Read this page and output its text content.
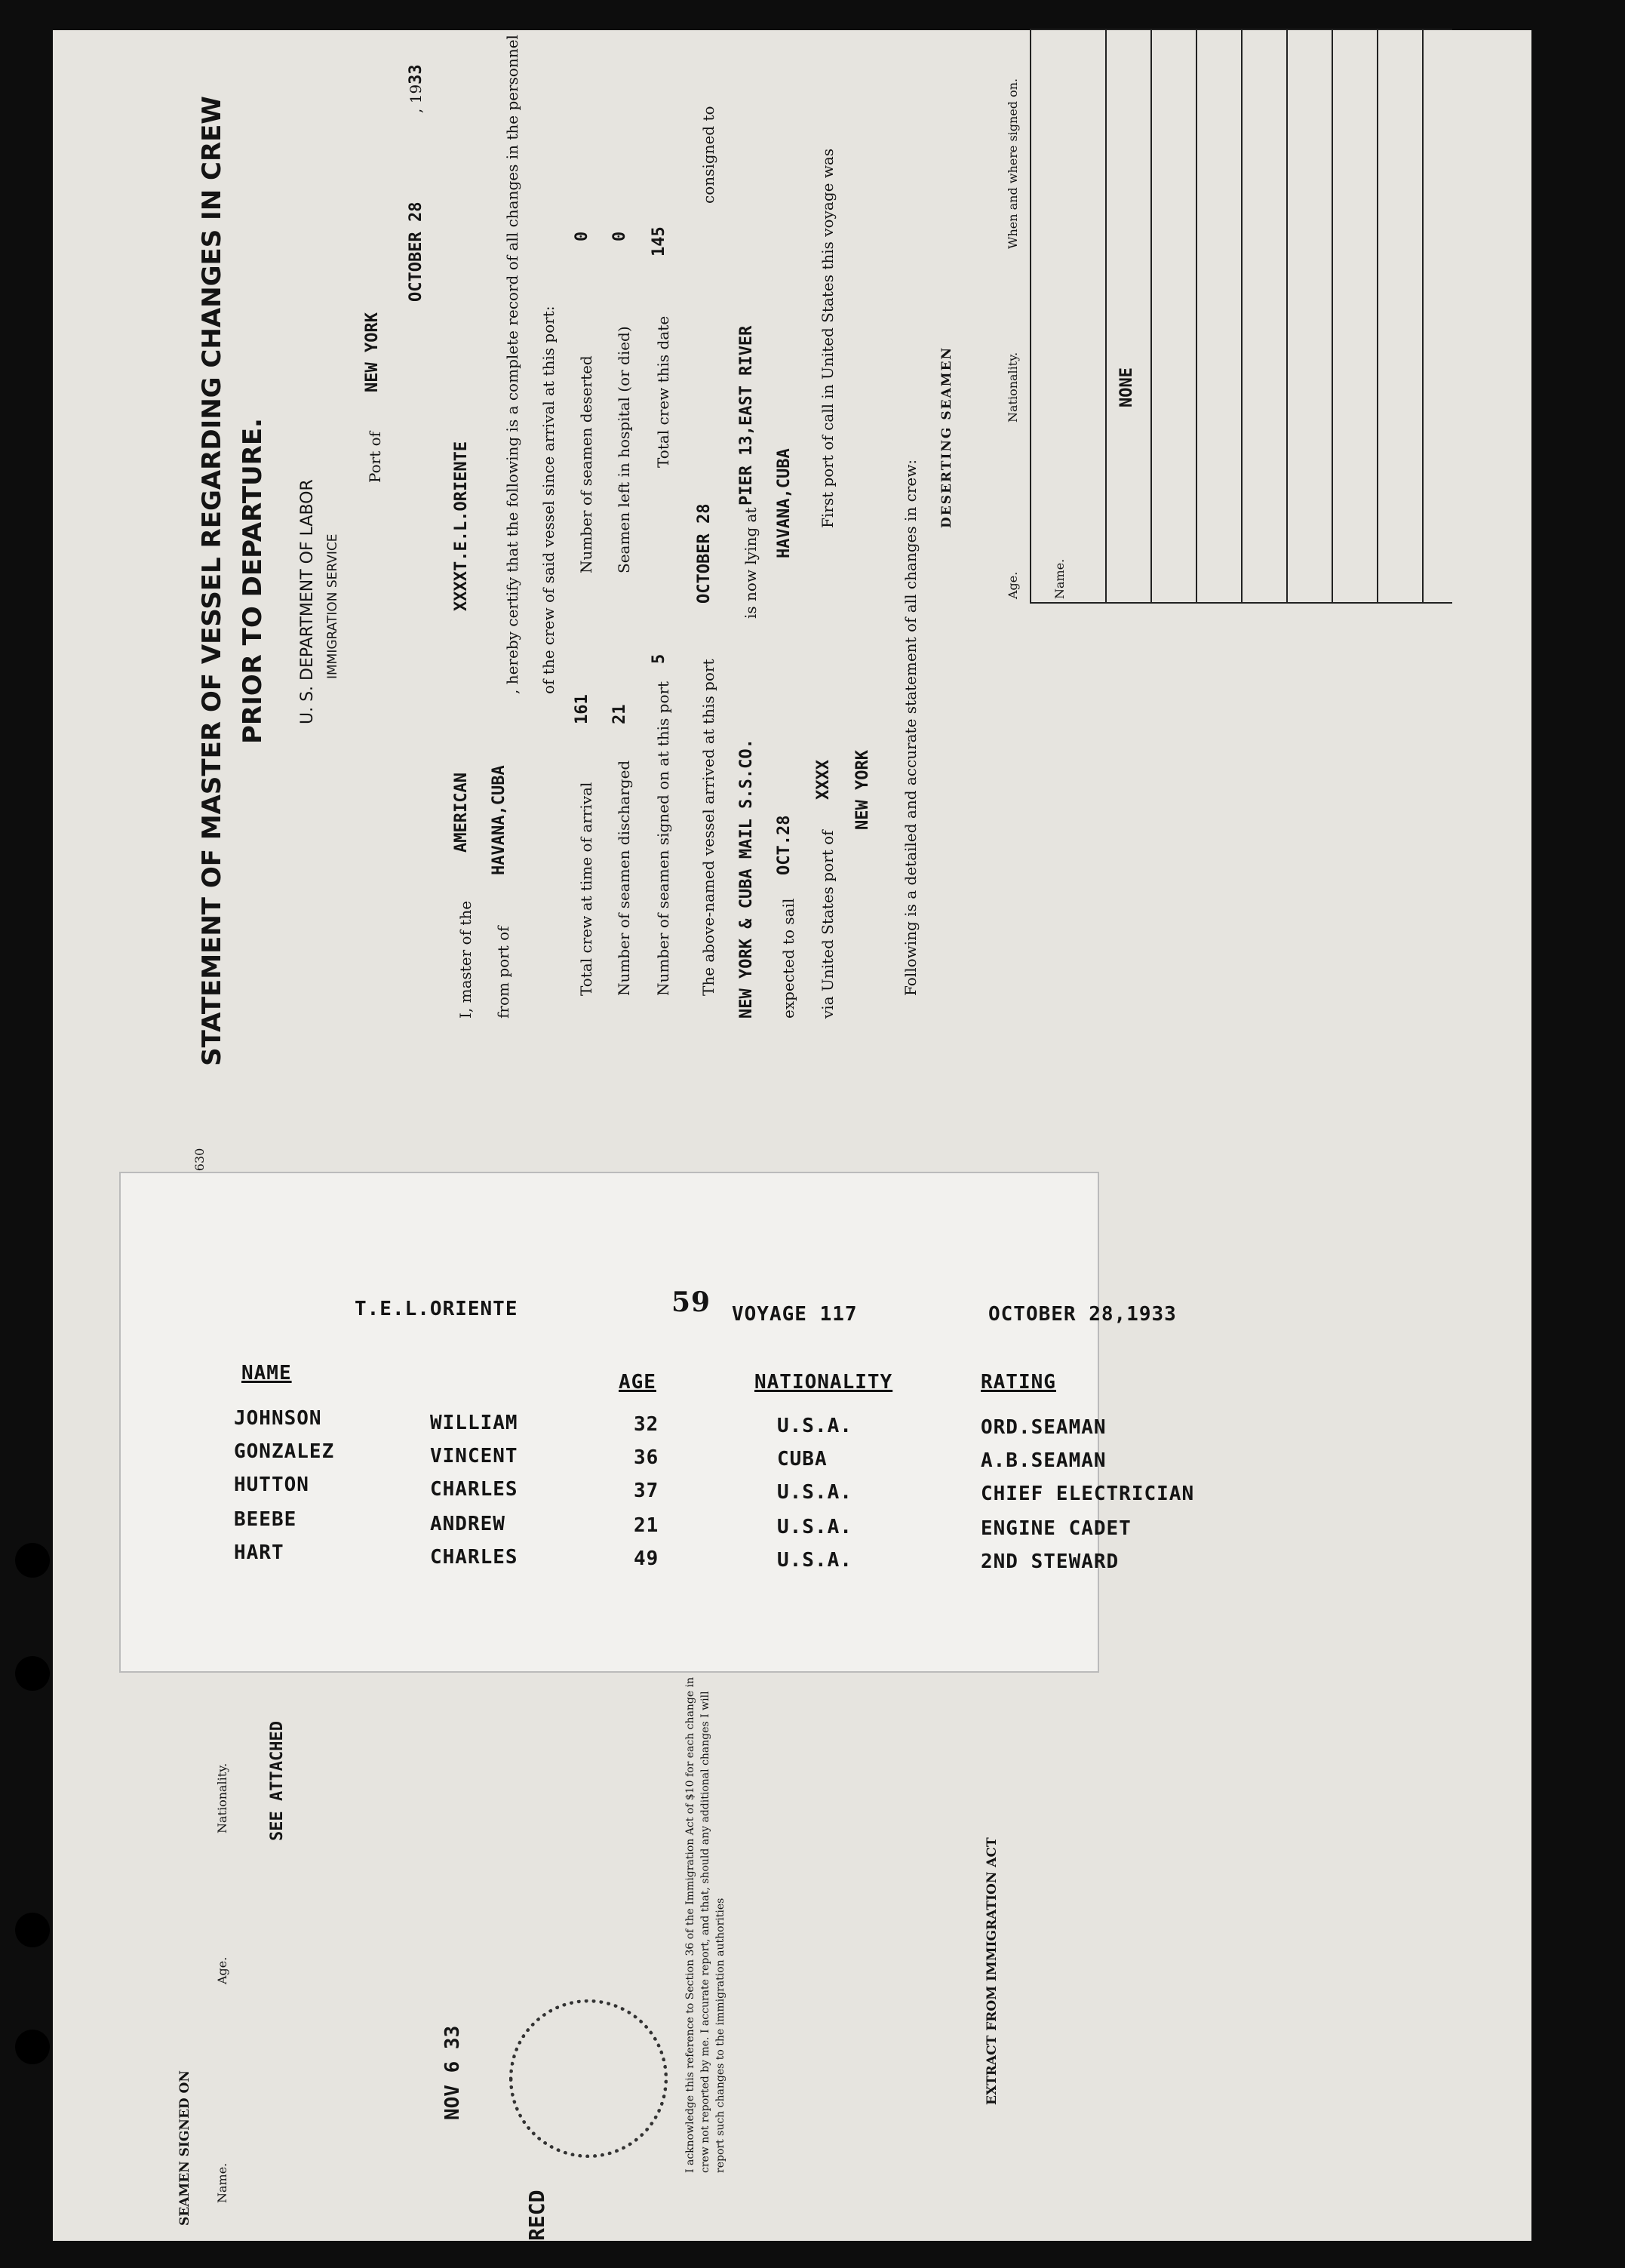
STATEMENT OF MASTER OF VESSEL REGARDING CHANGES IN CREW PRIOR TO DEPARTURE. U. S. DEPARTMENT OF LABOR IMMIGRATION SERVICE
Port of
NEW YORK
OCTOBER 28
, 1933
I, master of the
AMERICAN
XXXXT.E.L.ORIENTE
from port of
HAVANA,CUBA
, hereby certify that the following is a complete record of all changes in the personnel of the crew of said vessel since arrival at this port:
Total crew at time of arrival
161
Number of seamen deserted
0
Number of seamen discharged
21
Seamen left in hospital (or died)
0
Number of seamen signed on at this port
5
Total crew this date
145
The above-named vessel arrived at this port
OCTOBER 28
consigned to
NEW YORK & CUBA MAIL S.S.CO.
is now lying at
PIER 13,EAST RIVER
expected to sail
OCT.28
HAVANA,CUBA
via United States port of
XXXX
First port of call in United States this voyage was
NEW YORK Following is a detailed and accurate statement of all changes in crew:
DESERTING SEAMEN
Name.
Age.
Nationality.
When and where signed on.
NONE
T.E.L.ORIENTE	59 VOYAGE 117	OCTOBER 28,1933
NAME	AGE	NATIONALITY	RATING
JOHNSON	WILLIAM	32	U.S.A.	ORD.SEAMAN
GONZALEZ	VINCENT	36	CUBA	A.B.SEAMAN
HUTTON	CHARLES	37	U.S.A.	CHIEF ELECTRICIAN
BEEBE	ANDREW	21	U.S.A.	ENGINE CADET
HART	CHARLES	49	U.S.A.	2ND STEWARD
SEAMEN SIGNED ON Name.
Age.
Nationality. SEE ATTACHED
NOV 6 33
RECD
I acknowledge this reference to Section 36 of the Immigration Act of $10 for each change in crew not reported by me. I accurate report, and that, should any additional changes I will report such changes to the immigration authorities	EXTRACT FROM IMMIGRATION ACT
